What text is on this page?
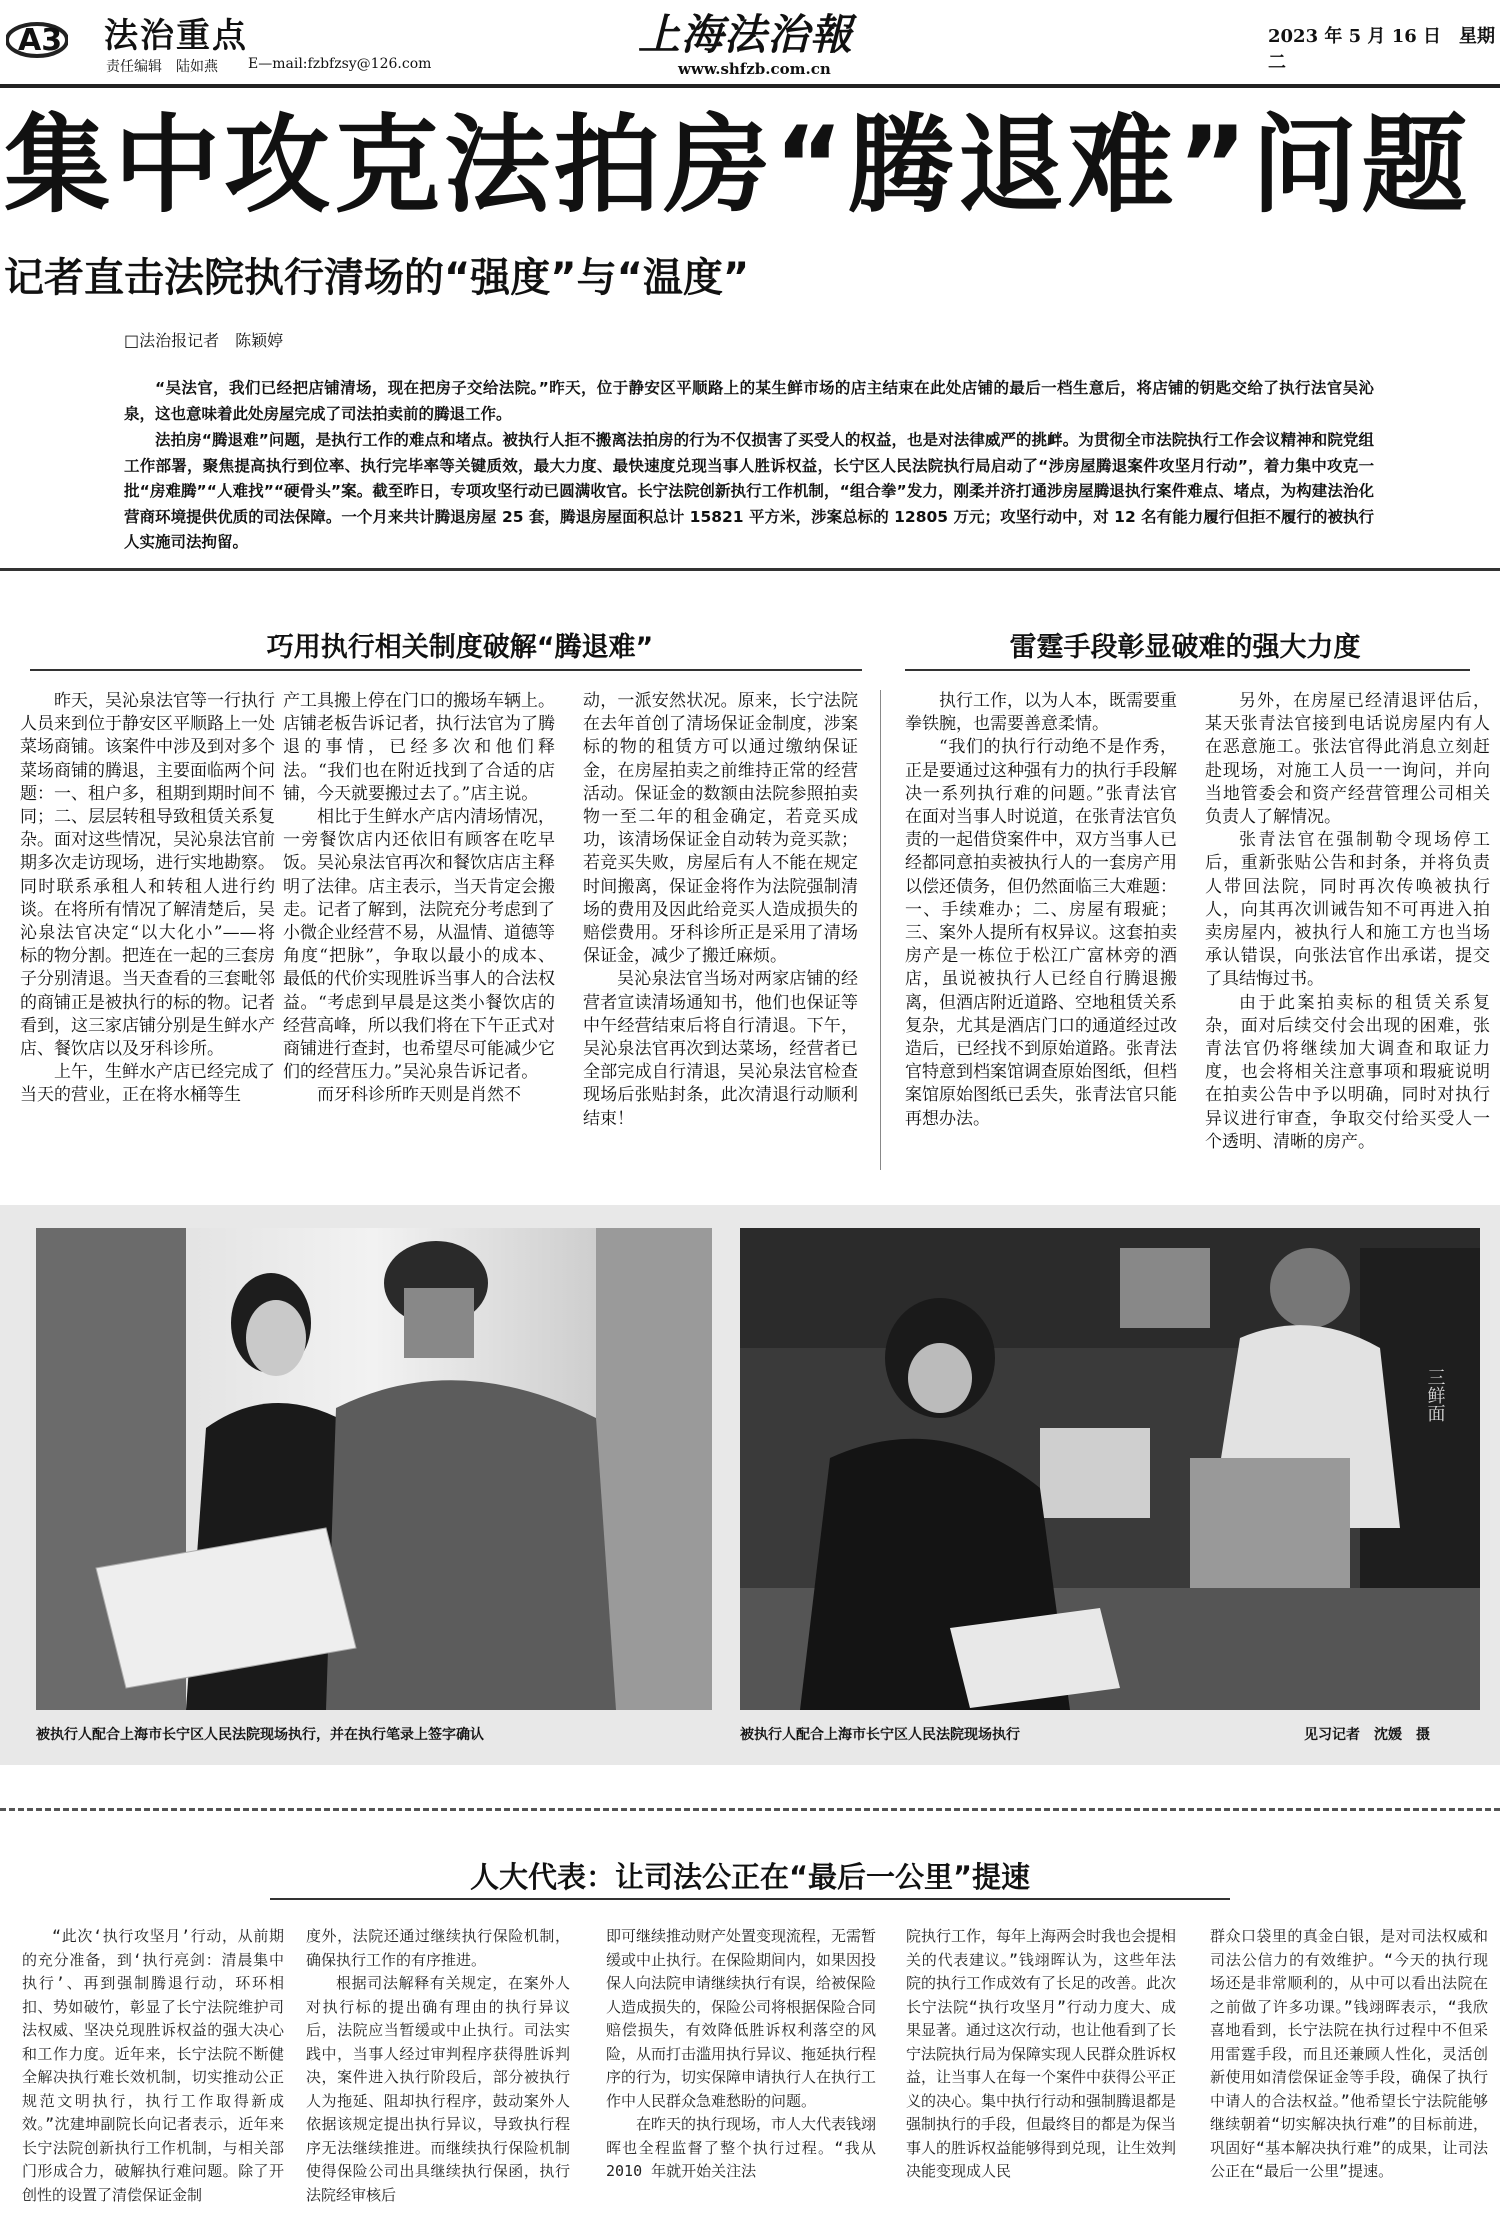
A3 法治重点
责任编辑　陆如燕 E—mail:fzbfzsy@126.com
上海法治報
www.shfzb.com.cn
2023 年 5 月 16 日　星期二
集中攻克法拍房“腾退难”问题
记者直击法院执行清场的“强度”与“温度”
□法治报记者　陈颖婷

“吴法官，我们已经把店铺清场，现在把房子交给法院。”昨天，位于静安区平顺路上的某生鲜市场的店主结束在此处店铺的最后一档生意后，将店铺的钥匙交给了执行法官吴沁泉，这也意味着此处房屋完成了司法拍卖前的腾退工作。

法拍房“腾退难”问题，是执行工作的难点和堵点。被执行人拒不搬离法拍房的行为不仅损害了买受人的权益，也是对法律威严的挑衅。为贯彻全市法院执行工作会议精神和院党组工作部署，聚焦提高执行到位率、执行完毕率等关键质效，最大力度、最快速度兑现当事人胜诉权益，长宁区人民法院执行局启动了“涉房屋腾退案件攻坚月行动”，着力集中攻克一批“房难腾”“人难找”“硬骨头”案。截至昨日，专项攻坚行动已圆满收官。长宁法院创新执行工作机制，“组合拳”发力，刚柔并济打通涉房屋腾退执行案件难点、堵点，为构建法治化营商环境提供优质的司法保障。一个月来共计腾退房屋 25 套，腾退房屋面积总计 15821 平方米，涉案总标的 12805 万元；攻坚行动中，对 12 名有能力履行但拒不履行的被执行人实施司法拘留。

巧用执行相关制度破解“腾退难”	雷霆手段彰显破难的强大力度

昨天，吴沁泉法官等一行执行人员来到位于静安区平顺路上一处菜场商铺。该案件中涉及到对多个菜场商铺的腾退，主要面临两个问题：一、租户多，租期到期时间不同；二、层层转租导致租赁关系复杂。面对这些情况，吴沁泉法官前期多次走访现场，进行实地勘察。同时联系承租人和转租人进行约谈。在将所有情况了解清楚后，吴沁泉法官决定“以大化小”——将标的物分割。把连在一起的三套房子分别清退。当天查看的三套毗邻的商铺正是被执行的标的物。记者看到，这三家店铺分别是生鲜水产店、餐饮店以及牙科诊所。

上午，生鲜水产店已经完成了当天的营业，正在将水桶等生

产工具搬上停在门口的搬场车辆上。店铺老板告诉记者，执行法官为了腾退的事情，已经多次和他们释法。“我们也在附近找到了合适的店铺，今天就要搬过去了。”店主说。

相比于生鲜水产店内清场情况，一旁餐饮店内还依旧有顾客在吃早饭。吴沁泉法官再次和餐饮店店主释明了法律。店主表示，当天肯定会搬走。记者了解到，法院充分考虑到了小微企业经营不易，从温情、道德等角度“把脉”，争取以最小的成本、最低的代价实现胜诉当事人的合法权益。“考虑到早晨是这类小餐饮店的经营高峰，所以我们将在下午正式对商铺进行查封，也希望尽可能减少它们的经营压力。”吴沁泉告诉记者。

而牙科诊所昨天则是肖然不

动，一派安然状况。原来，长宁法院在去年首创了清场保证金制度，涉案标的物的租赁方可以通过缴纳保证金，在房屋拍卖之前维持正常的经营活动。保证金的数额由法院参照拍卖物一至二年的租金确定，若竞买成功，该清场保证金自动转为竞买款；若竞买失败，房屋后有人不能在规定时间搬离，保证金将作为法院强制清场的费用及因此给竞买人造成损失的赔偿费用。牙科诊所正是采用了清场保证金，减少了搬迁麻烦。

吴沁泉法官当场对两家店铺的经营者宣读清场通知书，他们也保证等中午经营结束后将自行清退。下午，吴沁泉法官再次到达菜场，经营者已全部完成自行清退，吴沁泉法官检查现场后张贴封条，此次清退行动顺利结束！

执行工作，以为人本，既需要重拳铁腕，也需要善意柔情。

“我们的执行行动绝不是作秀，正是要通过这种强有力的执行手段解决一系列执行难的问题。”张青法官在面对当事人时说道，在张青法官负责的一起借贷案件中，双方当事人已经都同意拍卖被执行人的一套房产用以偿还债务，但仍然面临三大难题：一、手续难办；二、房屋有瑕疵；三、案外人提所有权异议。这套拍卖房产是一栋位于松江广富林旁的酒店，虽说被执行人已经自行腾退搬离，但酒店附近道路、空地租赁关系复杂，尤其是酒店门口的通道经过改造后，已经找不到原始道路。张青法官特意到档案馆调查原始图纸，但档案馆原始图纸已丢失，张青法官只能再想办法。

另外，在房屋已经清退评估后，某天张青法官接到电话说房屋内有人在恶意施工。张法官得此消息立刻赶赴现场，对施工人员一一询问，并向当地管委会和资产经营管理公司相关负责人了解情况。

张青法官在强制勒令现场停工后，重新张贴公告和封条，并将负责人带回法院，同时再次传唤被执行人，向其再次训诫告知不可再进入拍卖房屋内，被执行人和施工方也当场承认错误，向张法官作出承诺，提交了具结悔过书。

由于此案拍卖标的租赁关系复杂，面对后续交付会出现的困难，张青法官仍将继续加大调查和取证力度，也会将相关注意事项和瑕疵说明在拍卖公告中予以明确，同时对执行异议进行审查，争取交付给买受人一个透明、清晰的房产。

三鲜面
被执行人配合上海市长宁区人民法院现场执行，并在执行笔录上签字确认	被执行人配合上海市长宁区人民法院现场执行	见习记者　沈媛　摄
人大代表：让司法公正在“最后一公里”提速

“此次‘执行攻坚月’行动，从前期的充分准备，到‘执行亮剑：清晨集中执行’、再到强制腾退行动，环环相扣、势如破竹，彰显了长宁法院维护司法权威、坚决兑现胜诉权益的强大决心和工作力度。近年来，长宁法院不断健全解决执行难长效机制，切实推动公正规范文明执行，执行工作取得新成效。”沈建坤副院长向记者表示，近年来长宁法院创新执行工作机制，与相关部门形成合力，破解执行难问题。除了开创性的设置了清偿保证金制

度外，法院还通过继续执行保险机制，确保执行工作的有序推进。

根据司法解释有关规定，在案外人对执行标的提出确有理由的执行异议后，法院应当暂缓或中止执行。司法实践中，当事人经过审判程序获得胜诉判决，案件进入执行阶段后，部分被执行人为拖延、阻却执行程序，鼓动案外人依据该规定提出执行异议，导致执行程序无法继续推进。而继续执行保险机制使得保险公司出具继续执行保函，执行法院经审核后

即可继续推动财产处置变现流程，无需暂缓或中止执行。在保险期间内，如果因投保人向法院申请继续执行有误，给被保险人造成损失的，保险公司将根据保险合同赔偿损失，有效降低胜诉权利落空的风险，从而打击滥用执行异议、拖延执行程序的行为，切实保障申请执行人在执行工作中人民群众急难愁盼的问题。

在昨天的执行现场，市人大代表钱翊晖也全程监督了整个执行过程。“我从 2010 年就开始关注法

院执行工作，每年上海两会时我也会提相关的代表建议。”钱翊晖认为，这些年法院的执行工作成效有了长足的改善。此次长宁法院“执行攻坚月”行动力度大、成果显著。通过这次行动，也让他看到了长宁法院执行局为保障实现人民群众胜诉权益，让当事人在每一个案件中获得公平正义的决心。集中执行行动和强制腾退都是强制执行的手段，但最终目的都是为保当事人的胜诉权益能够得到兑现，让生效判决能变现成人民

群众口袋里的真金白银，是对司法权威和司法公信力的有效维护。“今天的执行现场还是非常顺利的，从中可以看出法院在之前做了许多功课。”钱翊晖表示，“我欣喜地看到，长宁法院在执行过程中不但采用雷霆手段，而且还兼顾人性化，灵活创新使用如清偿保证金等手段，确保了执行中请人的合法权益。”他希望长宁法院能够继续朝着“切实解决执行难”的目标前进，巩固好“基本解决执行难”的成果，让司法公正在“最后一公里”提速。
